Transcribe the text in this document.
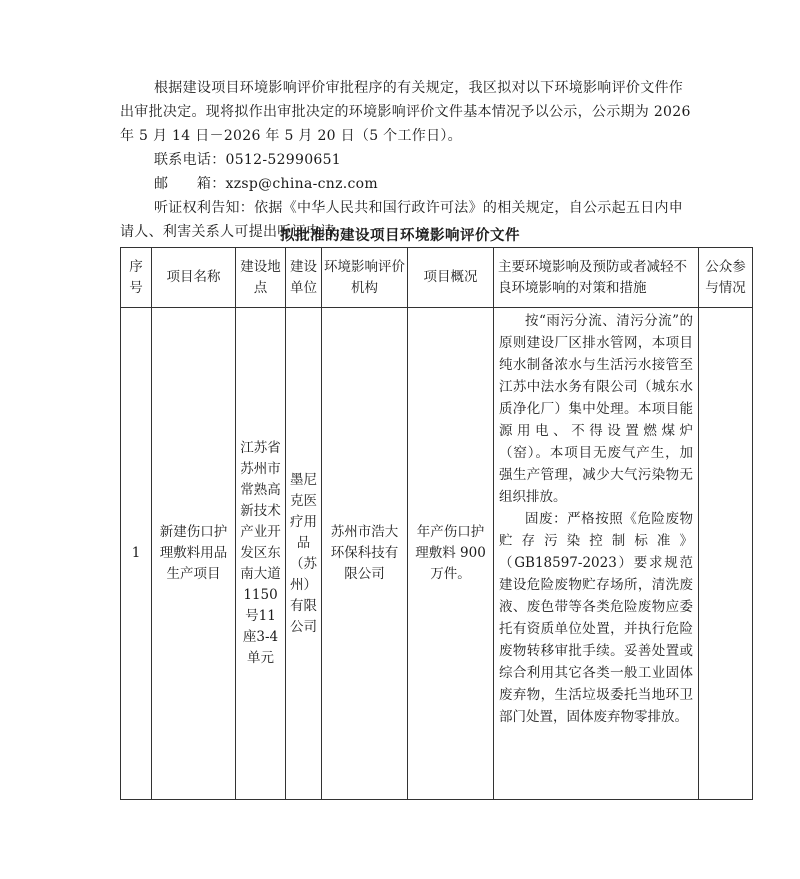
根据建设项目环境影响评价审批程序的有关规定，我区拟对以下环境影响评价文件作出审批决定。现将拟作出审批决定的环境影响评价文件基本情况予以公示，公示期为 2026 年 5 月 14 日－2026 年 5 月 20 日（5 个工作日）。

联系电话：0512-52990651

邮　　箱：xzsp@china-cnz.com

听证权利告知：依据《中华人民共和国行政许可法》的相关规定，自公示起五日内申请人、利害关系人可提出听证申请。

拟批准的建设项目环境影响评价文件
序号	项目名称	建设地点	建设单位	环境影响评价机构	项目概况	主要环境影响及预防或者减轻不良环境影响的对策和措施	公众参与情况
1	新建伤口护理敷料用品生产项目	江苏省苏州市常熟高新技术产业开发区东南大道1150号11座3-4单元	墨尼克医疗用品（苏州）有限公司	苏州市浩大环保科技有限公司	年产伤口护理敷料 900万件。	按“雨污分流、清污分流”的原则建设厂区排水管网，本项目纯水制备浓水与生活污水接管至江苏中法水务有限公司（城东水质净化厂）集中处理。本项目能源用电、不得设置燃煤炉（窑）。本项目无废气产生，加强生产管理，减少大气污染物无组织排放。

固废：严格按照《危险废物贮存污染控制标准》（GB18597-2023）要求规范建设危险废物贮存场所，清洗废液、废色带等各类危险废物应委托有资质单位处置，并执行危险废物转移审批手续。妥善处置或综合利用其它各类一般工业固体废弃物，生活垃圾委托当地环卫部门处置，固体废弃物零排放。	
